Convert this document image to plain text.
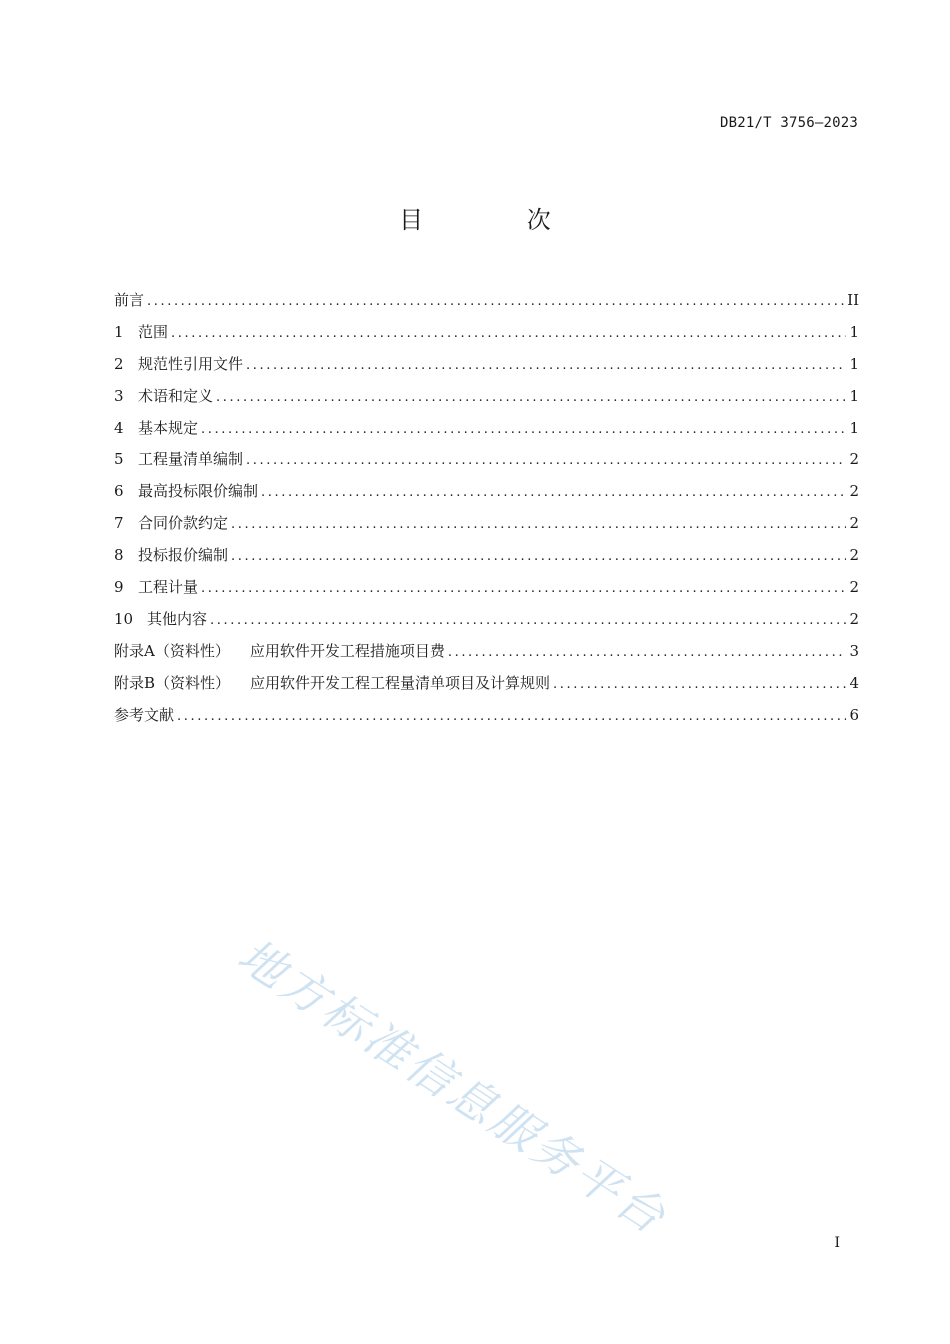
DB21/T 3756—2023
目 次
前言 .....	II
1 范围 .....	1
2 规范性引用文件 .....	1
3 术语和定义 .....	1
4 基本规定 .....	1
5 工程量清单编制 .....	2
6 最高投标限价编制 .....	2
7 合同价款约定 .....	2
8 投标报价编制 .....	2
9 工程计量 .....	2
10 其他内容 .....	2
附录A（资料性） 应用软件开发工程措施项目费 .....	3
附录B（资料性） 应用软件开发工程工程量清单项目及计算规则 .....	4
参考文献 .....	6
地方标准信息服务平台	I
